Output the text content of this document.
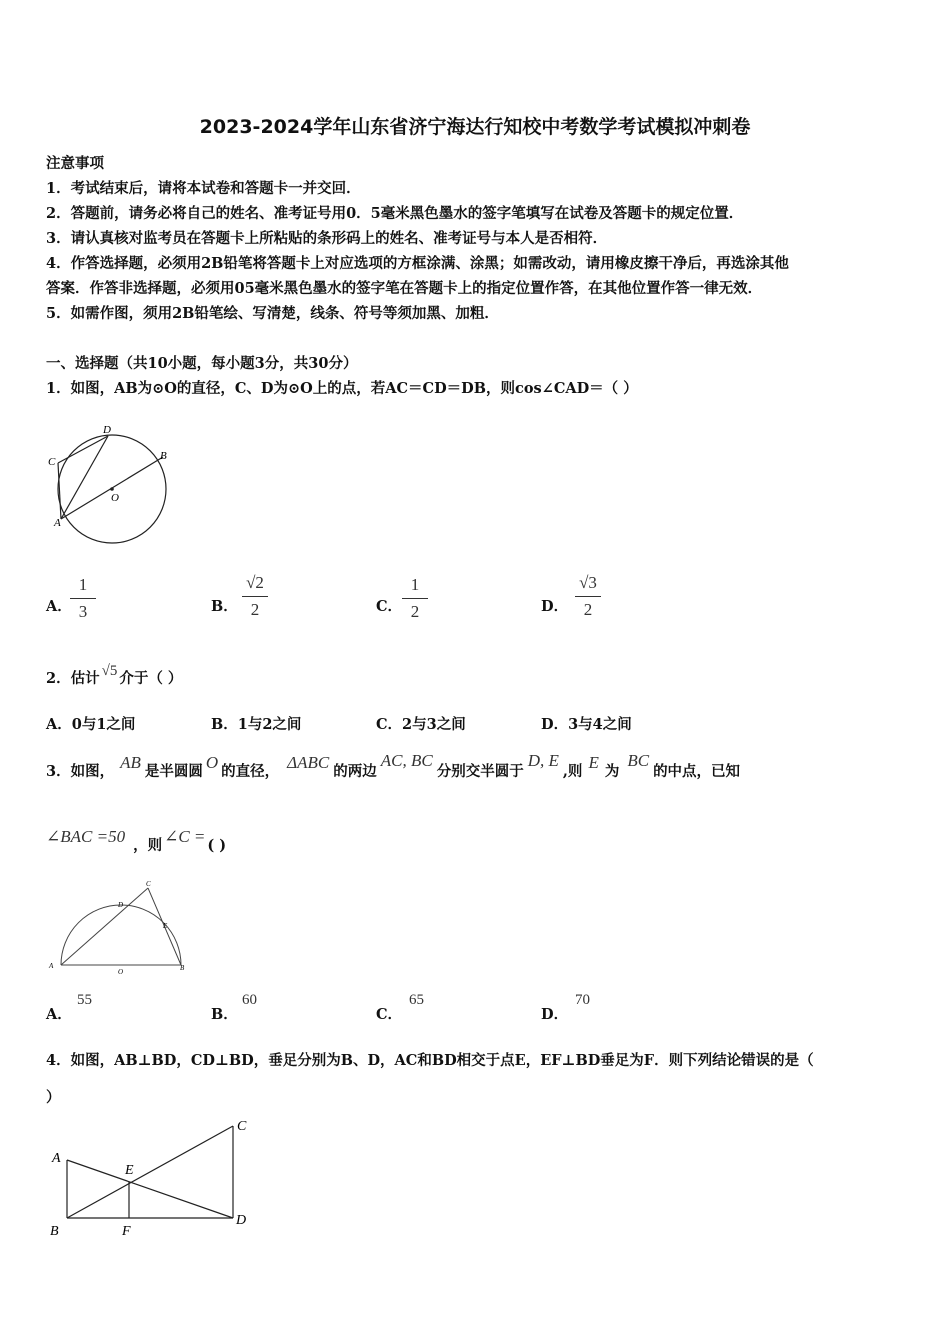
2023-2024学年山东省济宁海达行知校中考数学考试模拟冲刺卷
注意事项
1．考试结束后，请将本试卷和答题卡一并交回．
2．答题前，请务必将自己的姓名、准考证号用0．5毫米黑色墨水的签字笔填写在试卷及答题卡的规定位置．
3．请认真核对监考员在答题卡上所粘贴的条形码上的姓名、准考证号与本人是否相符．
4．作答选择题，必须用2B铅笔将答题卡上对应选项的方框涂满、涂黑；如需改动，请用橡皮擦干净后，再选涂其他
答案．作答非选择题，必须用05毫米黑色墨水的签字笔在答题卡上的指定位置作答，在其他位置作答一律无效．
5．如需作图，须用2B铅笔绘、写清楚，线条、符号等须加黑、加粗．
一、选择题（共10小题，每小题3分，共30分）
1．如图，AB为⊙O的直径，C、D为⊙O上的点，若AC＝CD＝DB，则cos∠CAD＝（ ）
D
C	B
O
A
A．
1
3	B．
√2
2	C．
1
2	D．
√3
2
2．估计 √5 介于（ ）
A．0与1之间	B．1与2之间	C．2与3之间	D．3与4之间
3．如图， AB 是半圆圆 O 的直径， ΔABC 的两边AC, BC分别交半圆于D, E,则 E 为BC的中点，已知
∠BAC =50 ，则 ∠C = ( )
C
D
E
A
O	B
A．
55
B．
60
C．
65
D．
70
4．如图，AB⊥BD，CD⊥BD，垂足分别为B、D，AC和BD相交于点E，EF⊥BD垂足为F．则下列结论错误的是（
）
C
A
E
B	F
D
